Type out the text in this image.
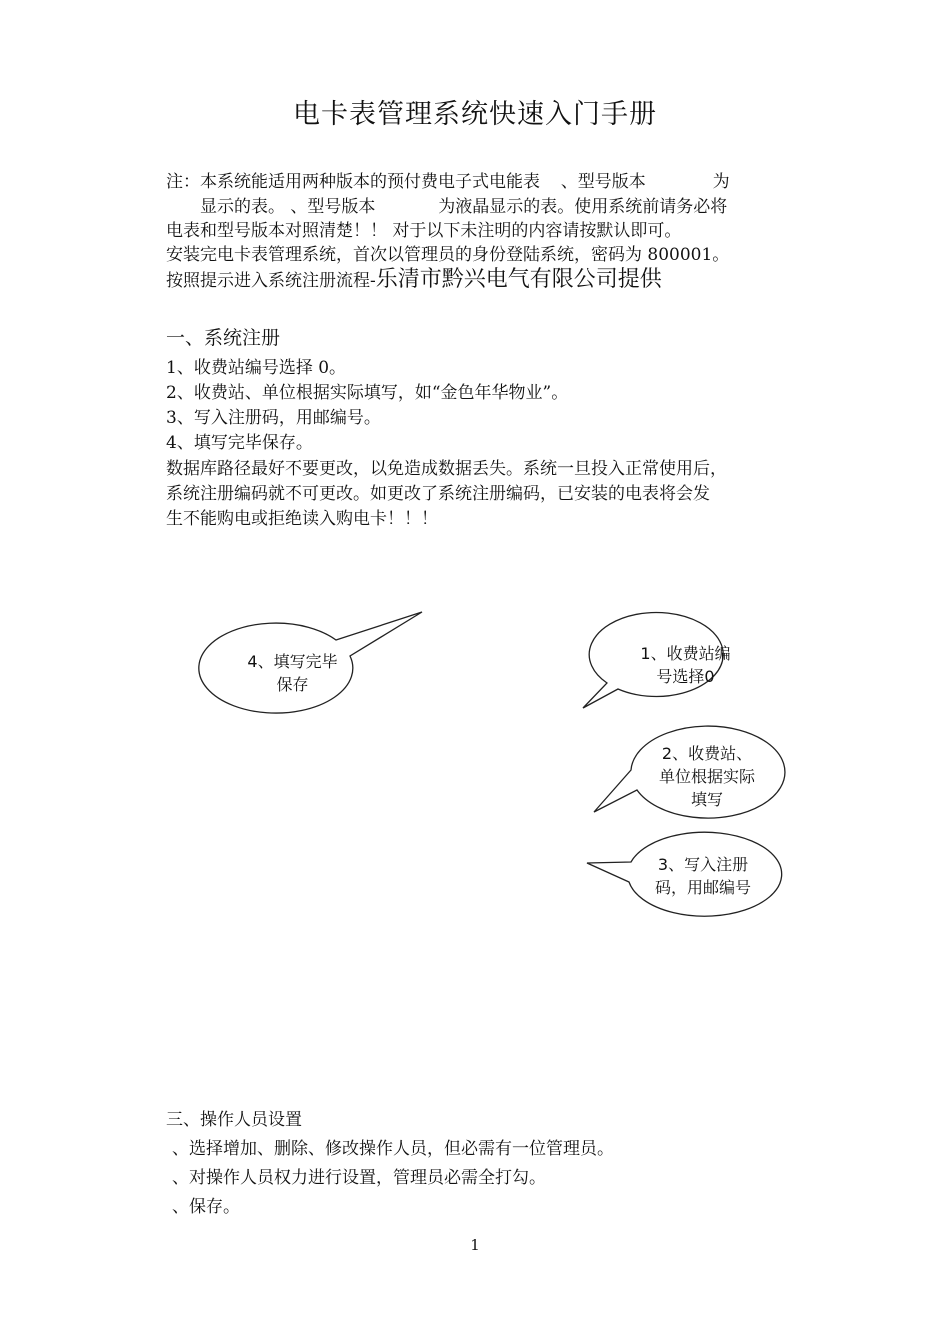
电卡表管理系统快速入门手册
注：本系统能适用两种版本的预付费电子式电能表 、型号版本	为
显示的表。 、型号版本	为液晶显示的表。使用系统前请务必将
电表和型号版本对照清楚！！ 对于以下未注明的内容请按默认即可。
安装完电卡表管理系统，首次以管理员的身份登陆系统，密码为 800001。
按照提示进入系统注册流程-乐清市黔兴电气有限公司提供
一、系统注册
1、收费站编号选择 0。
2、收费站、单位根据实际填写，如“金色年华物业”。
3、写入注册码，用邮编号。
4、填写完毕保存。
数据库路径最好不要更改，以免造成数据丢失。系统一旦投入正常使用后，
系统注册编码就不可更改。如更改了系统注册编码，已安装的电表将会发
生不能购电或拒绝读入购电卡！！！
4、填写完毕
保存
1、收费站编
号选择0
2、收费站、
单位根据实际
填写
3、写入注册
码，用邮编号
三、操作人员设置
、选择增加、删除、修改操作人员，但必需有一位管理员。
、对操作人员权力进行设置，管理员必需全打勾。
、保存。
1
